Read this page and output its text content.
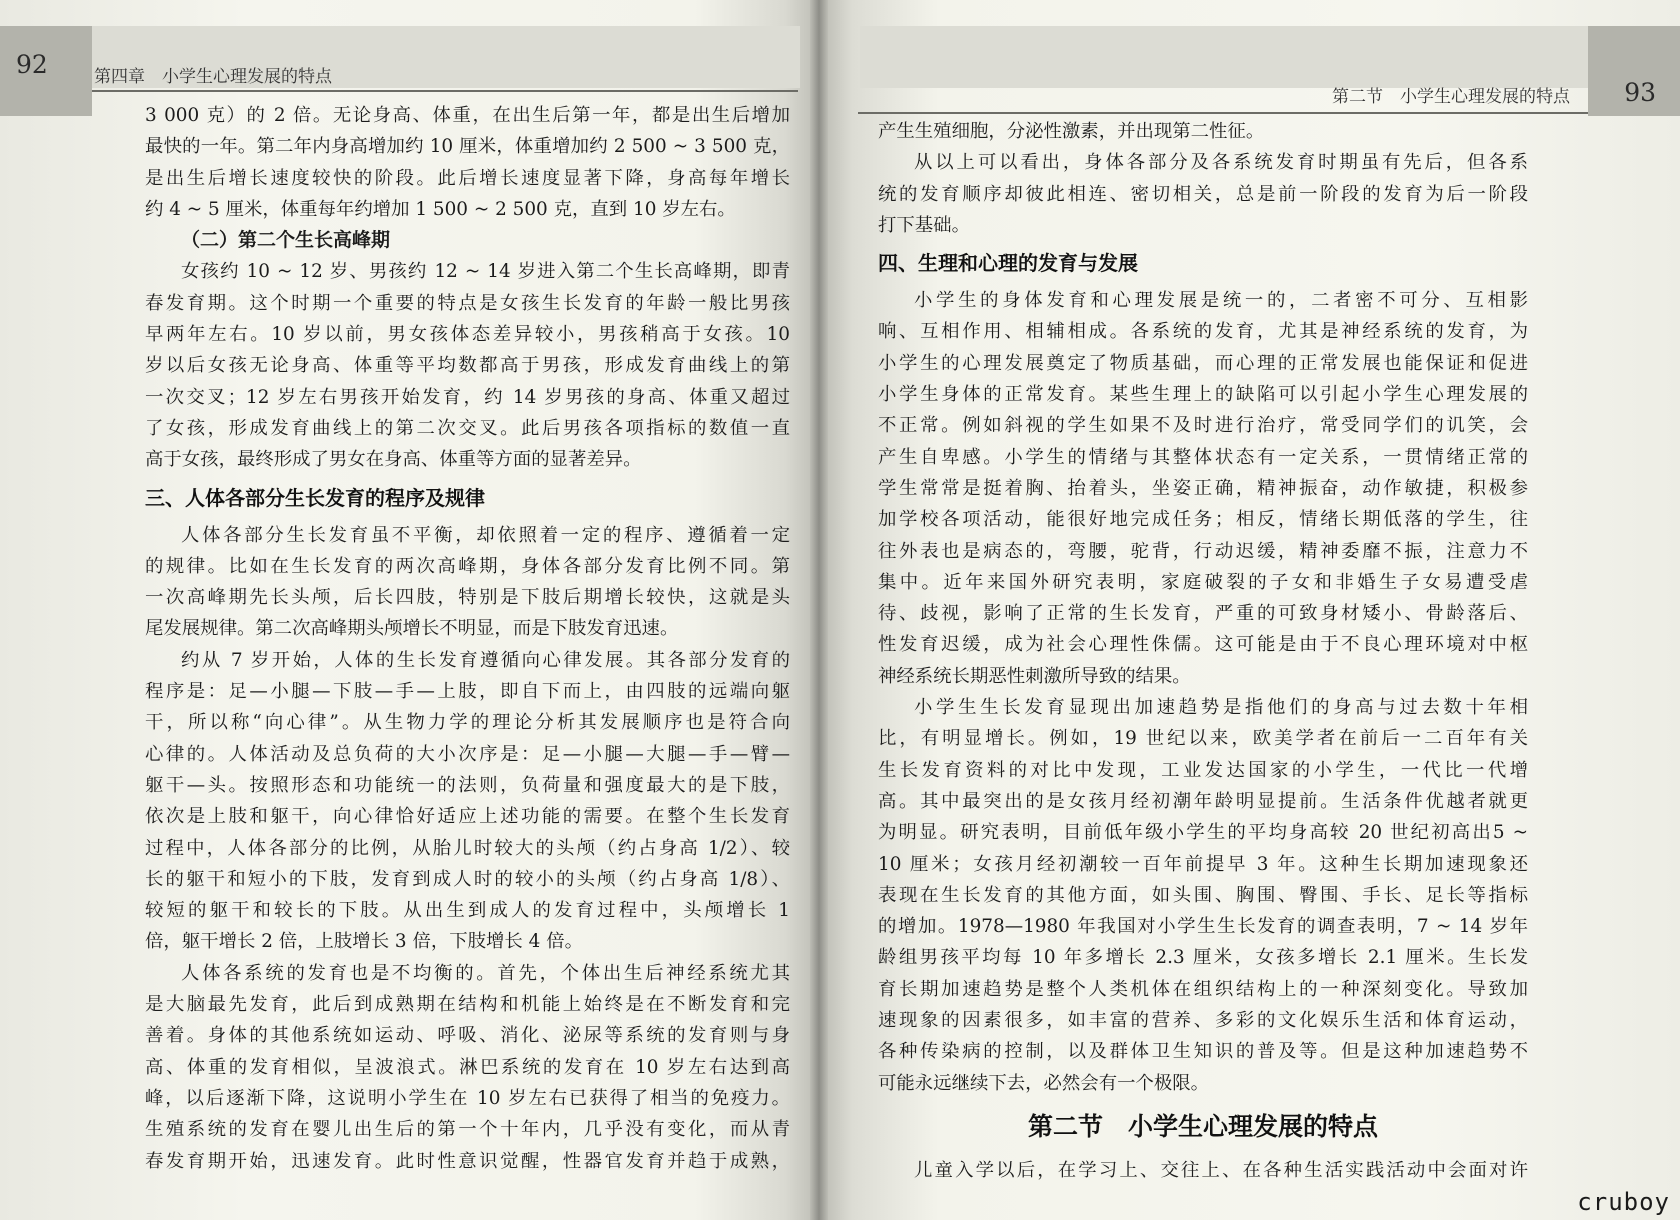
92	第四章　小学生心理发展的特点
3 000 克）的 2 倍。无论身高、体重，在出生后第一年，都是出生后增加
最快的一年。第二年内身高增加约 10 厘米，体重增加约 2 500 ~ 3 500 克，
是出生后增长速度较快的阶段。此后增长速度显著下降，身高每年增长
约 4 ~ 5 厘米，体重每年约增加 1 500 ~ 2 500 克，直到 10 岁左右。
（二）第二个生长高峰期
女孩约 10 ~ 12 岁、男孩约 12 ~ 14 岁进入第二个生长高峰期，即青
春发育期。这个时期一个重要的特点是女孩生长发育的年龄一般比男孩
早两年左右。10 岁以前，男女孩体态差异较小，男孩稍高于女孩。10
岁以后女孩无论身高、体重等平均数都高于男孩，形成发育曲线上的第
一次交叉；12 岁左右男孩开始发育，约 14 岁男孩的身高、体重又超过
了女孩，形成发育曲线上的第二次交叉。此后男孩各项指标的数值一直
高于女孩，最终形成了男女在身高、体重等方面的显著差异。
三、人体各部分生长发育的程序及规律
人体各部分生长发育虽不平衡，却依照着一定的程序、遵循着一定
的规律。比如在生长发育的两次高峰期，身体各部分发育比例不同。第
一次高峰期先长头颅，后长四肢，特别是下肢后期增长较快，这就是头
尾发展规律。第二次高峰期头颅增长不明显，而是下肢发育迅速。
约从 7 岁开始，人体的生长发育遵循向心律发展。其各部分发育的
程序是：足—小腿—下肢—手—上肢，即自下而上，由四肢的远端向躯
干，所以称“向心律”。从生物力学的理论分析其发展顺序也是符合向
心律的。人体活动及总负荷的大小次序是：足—小腿—大腿—手—臂—
躯干—头。按照形态和功能统一的法则，负荷量和强度最大的是下肢，
依次是上肢和躯干，向心律恰好适应上述功能的需要。在整个生长发育
过程中，人体各部分的比例，从胎儿时较大的头颅（约占身高 1/2）、较
长的躯干和短小的下肢，发育到成人时的较小的头颅（约占身高 1/8）、
较短的躯干和较长的下肢。从出生到成人的发育过程中，头颅增长 1
倍，躯干增长 2 倍，上肢增长 3 倍，下肢增长 4 倍。
人体各系统的发育也是不均衡的。首先，个体出生后神经系统尤其
是大脑最先发育，此后到成熟期在结构和机能上始终是在不断发育和完
善着。身体的其他系统如运动、呼吸、消化、泌尿等系统的发育则与身
高、体重的发育相似，呈波浪式。淋巴系统的发育在 10 岁左右达到高
峰，以后逐渐下降，这说明小学生在 10 岁左右已获得了相当的免疫力。
生殖系统的发育在婴儿出生后的第一个十年内，几乎没有变化，而从青
春发育期开始，迅速发育。此时性意识觉醒，性器官发育并趋于成熟，
93
第二节　小学生心理发展的特点
产生生殖细胞，分泌性激素，并出现第二性征。
从以上可以看出，身体各部分及各系统发育时期虽有先后，但各系
统的发育顺序却彼此相连、密切相关，总是前一阶段的发育为后一阶段
打下基础。
四、生理和心理的发育与发展
小学生的身体发育和心理发展是统一的，二者密不可分、互相影
响、互相作用、相辅相成。各系统的发育，尤其是神经系统的发育，为
小学生的心理发展奠定了物质基础，而心理的正常发展也能保证和促进
小学生身体的正常发育。某些生理上的缺陷可以引起小学生心理发展的
不正常。例如斜视的学生如果不及时进行治疗，常受同学们的讥笑，会
产生自卑感。小学生的情绪与其整体状态有一定关系，一贯情绪正常的
学生常常是挺着胸、抬着头，坐姿正确，精神振奋，动作敏捷，积极参
加学校各项活动，能很好地完成任务；相反，情绪长期低落的学生，往
往外表也是病态的，弯腰，驼背，行动迟缓，精神委靡不振，注意力不
集中。近年来国外研究表明，家庭破裂的子女和非婚生子女易遭受虐
待、歧视，影响了正常的生长发育，严重的可致身材矮小、骨龄落后、
性发育迟缓，成为社会心理性侏儒。这可能是由于不良心理环境对中枢
神经系统长期恶性刺激所导致的结果。
小学生生长发育显现出加速趋势是指他们的身高与过去数十年相
比，有明显增长。例如，19 世纪以来，欧美学者在前后一二百年有关
生长发育资料的对比中发现，工业发达国家的小学生，一代比一代增
高。其中最突出的是女孩月经初潮年龄明显提前。生活条件优越者就更
为明显。研究表明，目前低年级小学生的平均身高较 20 世纪初高出5 ~
10 厘米；女孩月经初潮较一百年前提早 3 年。这种生长期加速现象还
表现在生长发育的其他方面，如头围、胸围、臀围、手长、足长等指标
的增加。1978—1980 年我国对小学生生长发育的调查表明，7 ~ 14 岁年
龄组男孩平均每 10 年多增长 2.3 厘米，女孩多增长 2.1 厘米。生长发
育长期加速趋势是整个人类机体在组织结构上的一种深刻变化。导致加
速现象的因素很多，如丰富的营养、多彩的文化娱乐生活和体育运动，
各种传染病的控制，以及群体卫生知识的普及等。但是这种加速趋势不
可能永远继续下去，必然会有一个极限。
第二节　小学生心理发展的特点
儿童入学以后，在学习上、交往上、在各种生活实践活动中会面对许
cruboy
